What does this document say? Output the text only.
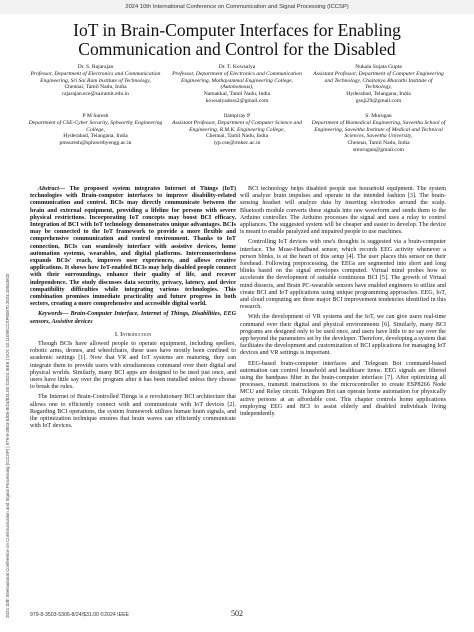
2024 10th International Conference on Communication and Signal Processing (ICCSP)
2024 10th International Conference on Communication and Signal Processing (ICCSP) | 979-8-3503-5306-8/24/$31.00 ©2024 IEEE | DOI: 10.1109/ICCSP60870.2024.10543810
IoT in Brain-Computer Interfaces for Enabling
Communication and Control for the Disabled
Dr. S. Rajarajan
Professor, Department of Electronics and Communication Engineering, Sri Sai Ram Institute of Technology,
Chennai, Tamil Nadu, India
rajarajan.ece@sairamit.edu.in
Dr. T. Kowsalya
Professor, Department of Electronics and Communication Engineering, Muthayammal Engineering College, (Autonomous),
Namakkal, Tamil Nadu, India
kowsalyadoss2@gmail.com
Nukala Sujata Gupta
Assistant Professor, Department of Computer Engineering and Technology, Chaitanya Bharathi Institute of Technology,
Hyderabad, Telangana, India
gsuji29@gmail.com
P M Suresh
Department of CSE-Cyber Security, Sphoorthy Engineering College,
Hyderabad, Telangana, India
pmsuresh@sphoorthyengg.ac.in
Ilampiray P
Assistant Professor, Department of Computer Science and Engineering, R.M.K. Engineering College,
Chennai, Tamil Nadu, India
iyp.cse@rmkec.ac.in
S. Murugan
Department of Biomedical Engineering, Saveetha School of Engineering, Saveetha Institute of Medical and Technical Sciences, Saveetha University,
Chennai, Tamil Nadu, India
smurugan@gmail.com

Abstract— The proposed system integrates Internet of Things (IoT) technologies with Brain-computer interfaces to improve disability-related communication and control. BCIs may directly communicate between the brain and external equipment, providing a lifeline for persons with severe physical restrictions. Incorporating IoT concepts may boost BCI efficacy. Integration of BCI with IoT technology demonstrates unique advantages. BCIs may be connected to the IoT framework to provide a more flexible and comprehensive communication and control environment. Thanks to IoT connection, BCIs can seamlessly interface with assistive devices, home automation systems, wearables, and digital platforms. Interconnectedness expands BCIs' reach, improves user experiences, and allows creative applications. It shows how IoT-enabled BCIs may help disabled people connect with their surroundings, enhance their quality of life, and recover independence. The study discusses data security, privacy, latency, and device compatibility difficulties while integrating various technologies. This combination promises immediate practicality and future progress in both sectors, creating a more comprehensive and accessible digital world.

Keywords— Brain-Computer Interface, Internet of Things, Disabilities, EEG sensors, Assistive devices

I. Introduction

Though BCIs have allowed people to operate equipment, including spellers, robotic arms, drones, and wheelchairs, these uses have mostly been confined to academic settings [1]. Now that VR and IoT systems are maturing, they can integrate them to provide users with simultaneous command over their digital and physical worlds. Similarly, many BCI apps are designed to be used just once, and users have little say over the program after it has been installed unless they choose to break the rules.

The Internet of Brain-Controlled Things is a revolutionary BCI architecture that allows one to efficiently connect with and communicate with IoT devices [2]. Regarding BCI operations, the system framework utilizes human brain signals, and the optimization technique ensures that brain waves can efficiently communicate with IoT devices.

BCI technology helps disabled people use household equipment. The system will analyze brain impulses and operate in the intended fashion [3]. The brain-sensing headset will analyze data by inserting electrodes around the scalp. Bluetooth module converts these signals into raw waveform and sends them to the Arduino controller. The Arduino processes the signal and uses a relay to control appliances. The suggested system will be cheaper and easier to develop. The device is meant to enable paralyzed and impaired people to use machines.

Controlling IoT devices with one's thoughts is suggested via a brain-computer interface. The Muse-Headband sensor, which records EEG activity whenever a person blinks, is at the heart of this setup [4]. The user places this sensor on their forehead. Following preprocessing, the EEGs are segmented into short and long blinks based on the signal envelopes computed. Virtual mind probes how to accelerate the development of suitable continuous BCI [5]. The growth of Virtual mind dissects, and Brain PC-wearable sensors have enabled engineers to utilize and create BCI and IoT applications using unique programming approaches. EEG, IoT, and cloud computing are three major BCI improvement tendencies identified in this research.

With the development of VR systems and the IoT, we can give users real-time command over their digital and physical environments [6]. Similarly, many BCI programs are designed only to be used once, and users have little to no say over the app beyond the parameters set by the developer. Therefore, developing a system that facilitates the development and customization of BCI applications for managing IoT devices and VR settings is important.

EEG-based brain-computer interfaces and Telegram Bot command-based automation can control household and healthcare items. EEG signals are filtered using the bandpass filter in the brain-computer interface [7]. After optimizing all processes, transmit instructions to the microcontroller to create ESP8266 Node MCU and Relay circuit. Telegram Bot can operate home automation for physically active persons at an affordable cost. This chapter controls home applications employing EEG and BCI to assist elderly and disabled individuals living independently.

979-8-3503-5306-8/24/$31.00 ©2024 IEEE	502
